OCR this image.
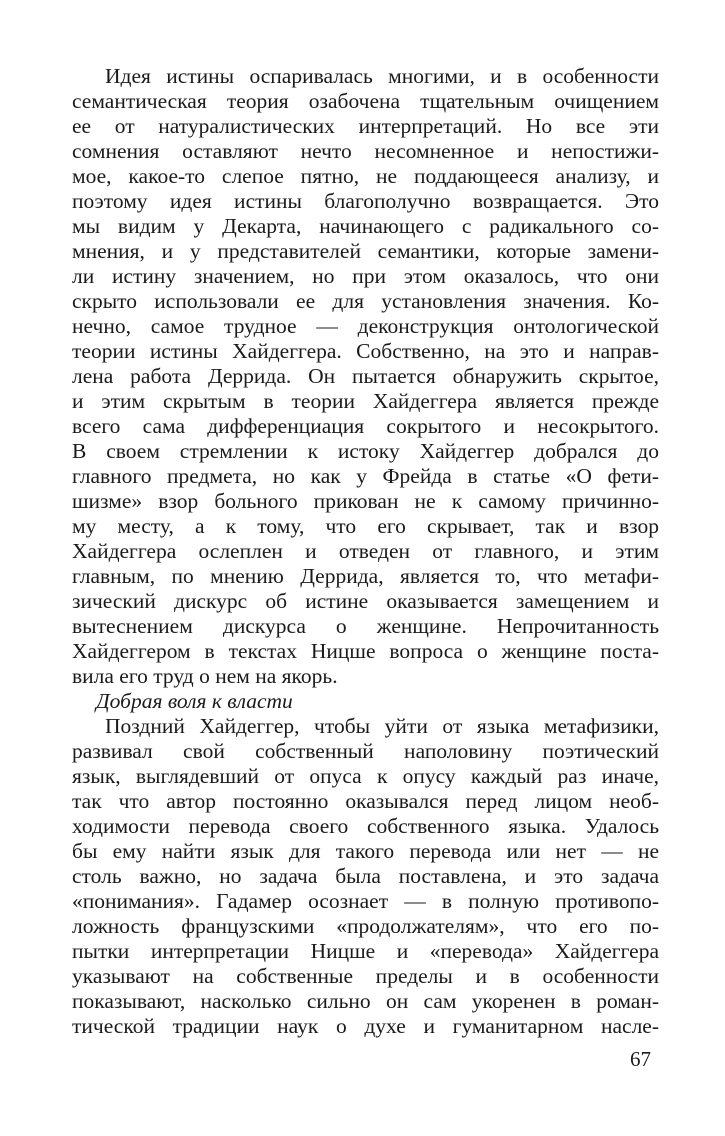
Идея истины оспаривалась многими, и в особенности
семантическая теория озабочена тщательным очищением
ее от натуралистических интерпретаций. Но все эти
сомнения оставляют нечто несомненное и непостижи-
мое, какое-то слепое пятно, не поддающееся анализу, и
поэтому идея истины благополучно возвращается. Это
мы видим у Декарта, начинающего с радикального со-
мнения, и у представителей семантики, которые замени-
ли истину значением, но при этом оказалось, что они
скрыто использовали ее для установления значения. Ко-
нечно, самое трудное — деконструкция онтологической
теории истины Хайдеггера. Собственно, на это и направ-
лена работа Деррида. Он пытается обнаружить скрытое,
и этим скрытым в теории Хайдеггера является прежде
всего сама дифференциация сокрытого и несокрытого.
В своем стремлении к истоку Хайдеггер добрался до
главного предмета, но как у Фрейда в статье «О фети-
шизме» взор больного прикован не к самому причинно-
му месту, а к тому, что его скрывает, так и взор
Хайдеггера ослеплен и отведен от главного, и этим
главным, по мнению Деррида, является то, что метафи-
зический дискурс об истине оказывается замещением и
вытеснением дискурса о женщине. Непрочитанность
Хайдеггером в текстах Ницше вопроса о женщине поста-
вила его труд о нем на якорь.
Добрая воля к власти
Поздний Хайдеггер, чтобы уйти от языка метафизики,
развивал свой собственный наполовину поэтический
язык, выглядевший от опуса к опусу каждый раз иначе,
так что автор постоянно оказывался перед лицом необ-
ходимости перевода своего собственного языка. Удалось
бы ему найти язык для такого перевода или нет — не
столь важно, но задача была поставлена, и это задача
«понимания». Гадамер осознает — в полную противопо-
ложность французскими «продолжателям», что его по-
пытки интерпретации Ницше и «перевода» Хайдеггера
указывают на собственные пределы и в особенности
показывают, насколько сильно он сам укоренен в роман-
тической традиции наук о духе и гуманитарном насле-
67
